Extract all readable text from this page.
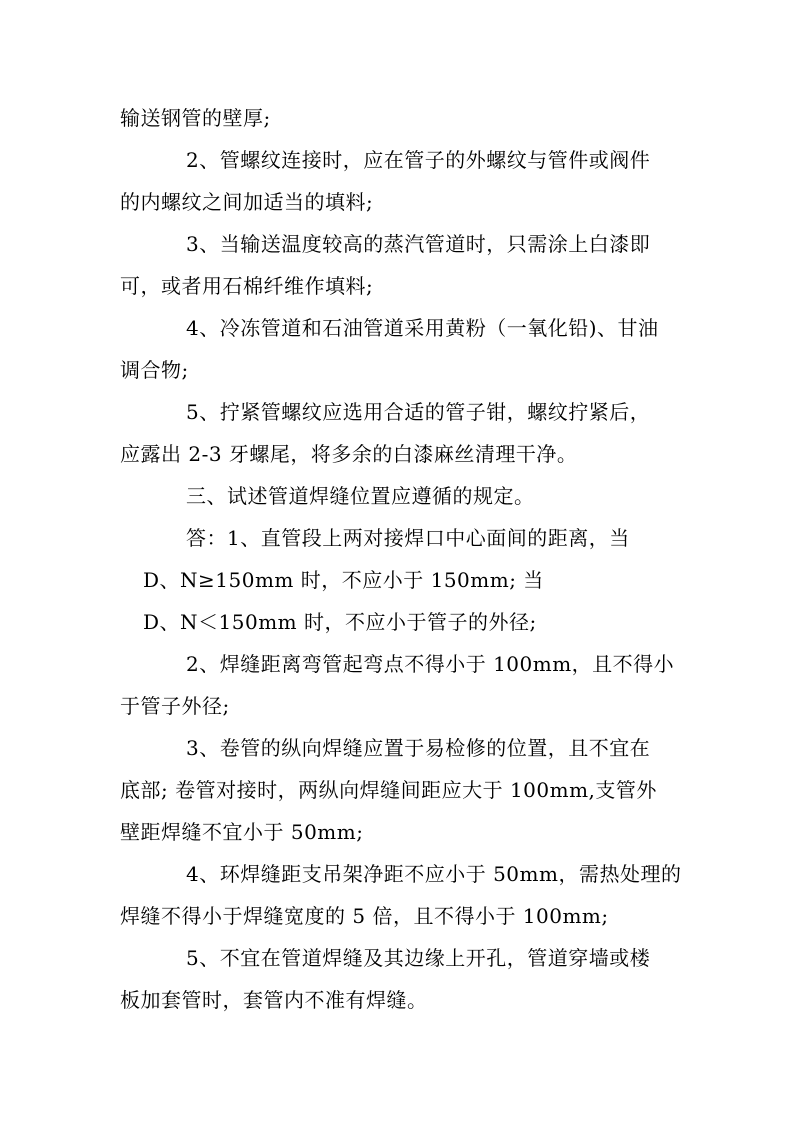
输送钢管的壁厚;
2、管螺纹连接时，应在管子的外螺纹与管件或阀件
的内螺纹之间加适当的填料;
3、当输送温度较高的蒸汽管道时，只需涂上白漆即
可，或者用石棉纤维作填料;
4、冷冻管道和石油管道采用黄粉（一氧化铅)、甘油
调合物;
5、拧紧管螺纹应选用合适的管子钳，螺纹拧紧后，
应露出 2-3 牙螺尾，将多余的白漆麻丝清理干净。
三、试述管道焊缝位置应遵循的规定。
答：1、直管段上两对接焊口中心面间的距离，当
D、N≥150mm 时，不应小于 150mm; 当
D、N＜150mm 时，不应小于管子的外径;
2、焊缝距离弯管起弯点不得小于 100mm，且不得小
于管子外径;
3、卷管的纵向焊缝应置于易检修的位置，且不宜在
底部; 卷管对接时，两纵向焊缝间距应大于 100mm,支管外
壁距焊缝不宜小于 50mm;
4、环焊缝距支吊架净距不应小于 50mm，需热处理的
焊缝不得小于焊缝宽度的 5 倍，且不得小于 100mm;
5、不宜在管道焊缝及其边缘上开孔，管道穿墙或楼
板加套管时，套管内不准有焊缝。
